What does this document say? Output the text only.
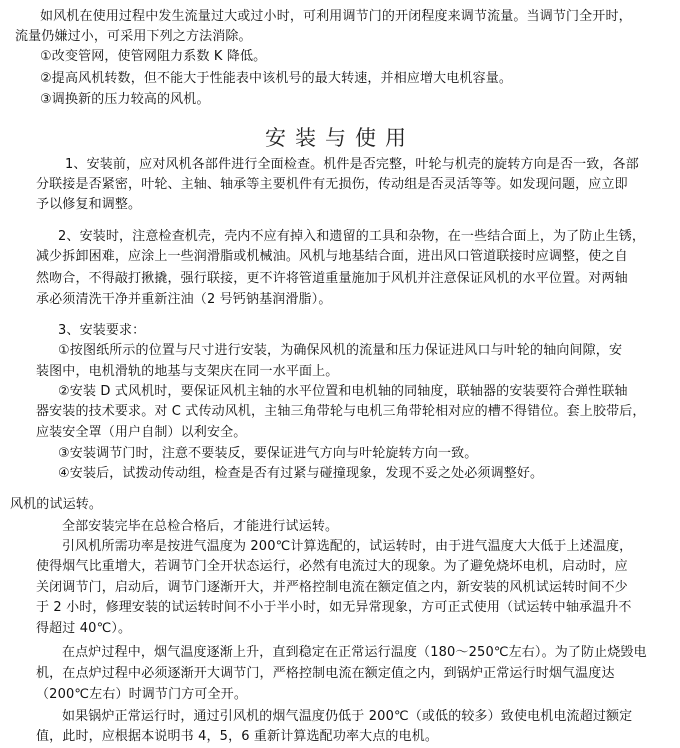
如风机在使用过程中发生流量过大或过小时，可利用调节门的开闭程度来调节流量。当调节门全开时，
流量仍嫌过小，可采用下列之方法消除。
①改变管网，使管网阻力系数 K 降低。
②提高风机转数，但不能大于性能表中该机号的最大转速，并相应增大电机容量。
③调换新的压力较高的风机。
安装与使用
1、安装前，应对风机各部件进行全面检查。机件是否完整，叶轮与机壳的旋转方向是否一致，各部
分联接是否紧密，叶轮、主轴、轴承等主要机件有无损伤，传动组是否灵活等等。如发现问题，应立即
予以修复和调整。
2、安装时，注意检查机壳，壳内不应有掉入和遗留的工具和杂物，在一些结合面上，为了防止生锈，
减少拆卸困难，应涂上一些润滑脂或机械油。风机与地基结合面，进出风口管道联接时应调整，使之自
然吻合，不得敲打揪撬，强行联接，更不许将管道重量施加于风机并注意保证风机的水平位置。对两轴
承必须清洗干净并重新注油（2 号钙钠基润滑脂）。
3、安装要求：
①按图纸所示的位置与尺寸进行安装，为确保风机的流量和压力保证进风口与叶轮的轴向间隙，安
装图中，电机滑轨的地基与支架庆在同一水平面上。
②安装 D 式风机时，要保证风机主轴的水平位置和电机轴的同轴度，联轴器的安装要符合弹性联轴
器安装的技术要求。对 C 式传动风机，主轴三角带轮与电机三角带轮相对应的槽不得错位。套上胶带后，
应装安全罩（用户自制）以利安全。
③安装调节门时，注意不要装反，要保证进气方向与叶轮旋转方向一致。
④安装后，试拨动传动组，检查是否有过紧与碰撞现象，发现不妥之处必须调整好。
风机的试运转。
全部安装完毕在总检合格后，才能进行试运转。
引风机所需功率是按进气温度为 200℃计算选配的，试运转时，由于进气温度大大低于上述温度，
使得烟气比重增大，若调节门全开状态运行，必然有电流过大的现象。为了避免烧坏电机，启动时，应
关闭调节门，启动后，调节门逐渐开大，并严格控制电流在额定值之内，新安装的风机试运转时间不少
于 2 小时，修理安装的试运转时间不小于半小时，如无异常现象，方可正式使用（试运转中轴承温升不
得超过 40℃）。
在点炉过程中，烟气温度逐渐上升，直到稳定在正常运行温度（180～250℃左右）。为了防止烧毁电
机，在点炉过程中必须逐渐开大调节门，严格控制电流在额定值之内，到锅炉正常运行时烟气温度达
（200℃左右）时调节门方可全开。
如果锅炉正常运行时，通过引风机的烟气温度仍低于 200℃（或低的较多）致使电机电流超过额定
值，此时，应根据本说明书 4，5，6 重新计算选配功率大点的电机。
